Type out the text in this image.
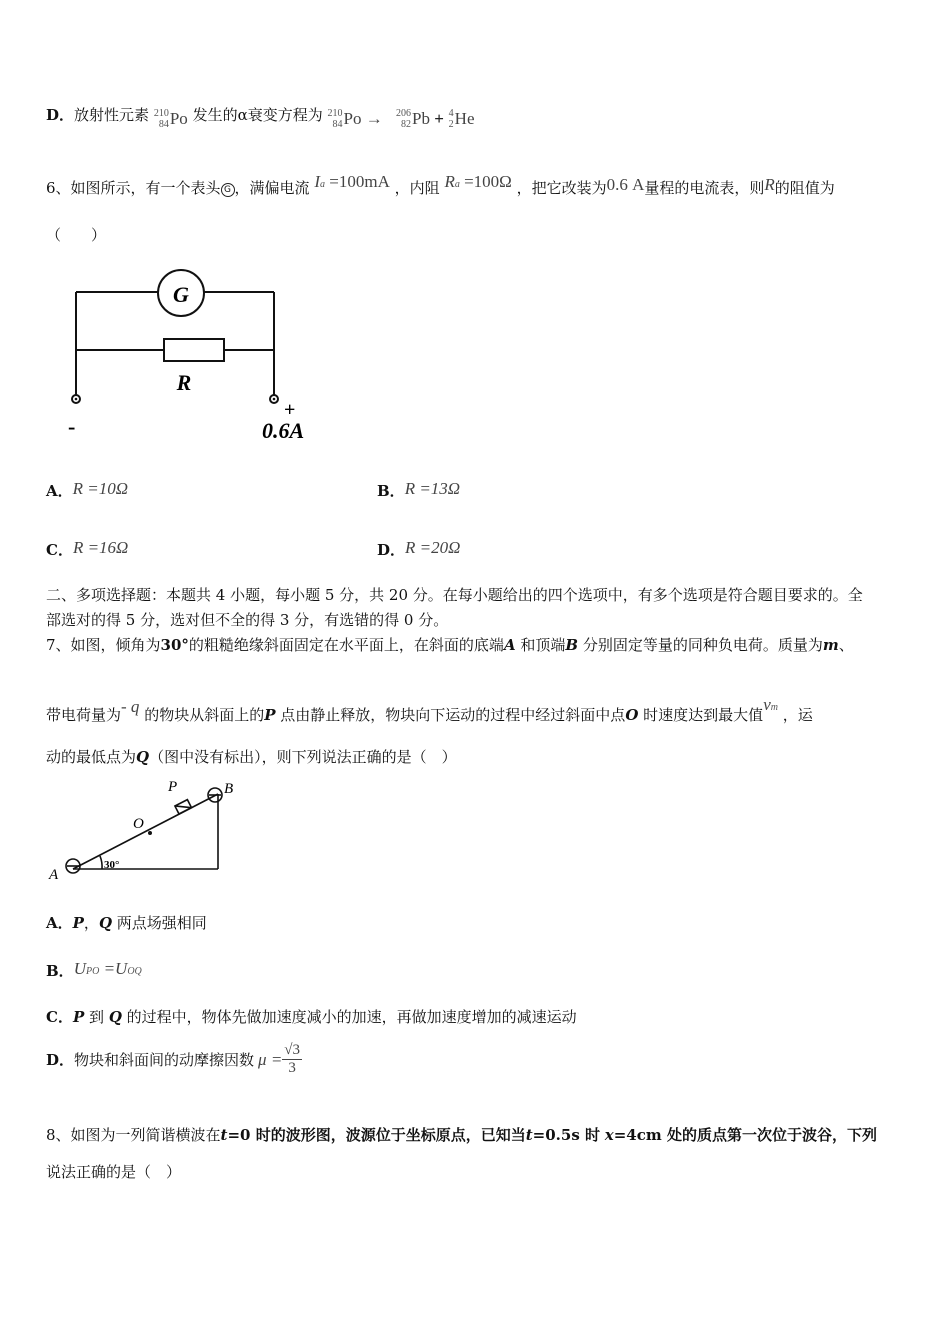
D．放射性元素 210
84 Po 发生的α衰变方程为 210
84 Po
→
206
82 Pb
+
4
2 He
6、如图所示，有一个表头 G ，满偏电流 Ia =100mA ，内阻 Ra =100Ω ，把它改装为0.6 A量程的电流表，则R的阻值为
（　　）
G
R
-
+
0.6A
A．R =10Ω	B．R =13Ω
C．R =16Ω	D．R =20Ω
二、多项选择题：本题共 4 小题，每小题 5 分，共 20 分。在每小题给出的四个选项中，有多个选项是符合题目要求的。全
部选对的得 5 分，选对但不全的得 3 分，有选错的得 0 分。
7、如图，倾角为30°的粗糙绝缘斜面固定在水平面上，在斜面的底端A 和顶端B 分别固定等量的同种负电荷。质量为m、
带电荷量为- q 的物块从斜面上的P 点由静止释放，物块向下运动的过程中经过斜面中点O 时速度达到最大值vm ，运
动的最低点为Q（图中没有标出），则下列说法正确的是（　）
P
O
B
A
30°
A．P，Q 两点场强相同
B．UPO =UOQ
C．P 到 Q 的过程中，物体先做加速度减小的加速，再做加速度增加的减速运动
D．物块和斜面间的动摩擦因数 $\mu = \frac{√3}{3}$
8、如图为一列简谐横波在t=0 时的波形图，波源位于坐标原点，已知当t=0.5s 时 x=4cm 处的质点第一次位于波谷，下列
说法正确的是（　）
